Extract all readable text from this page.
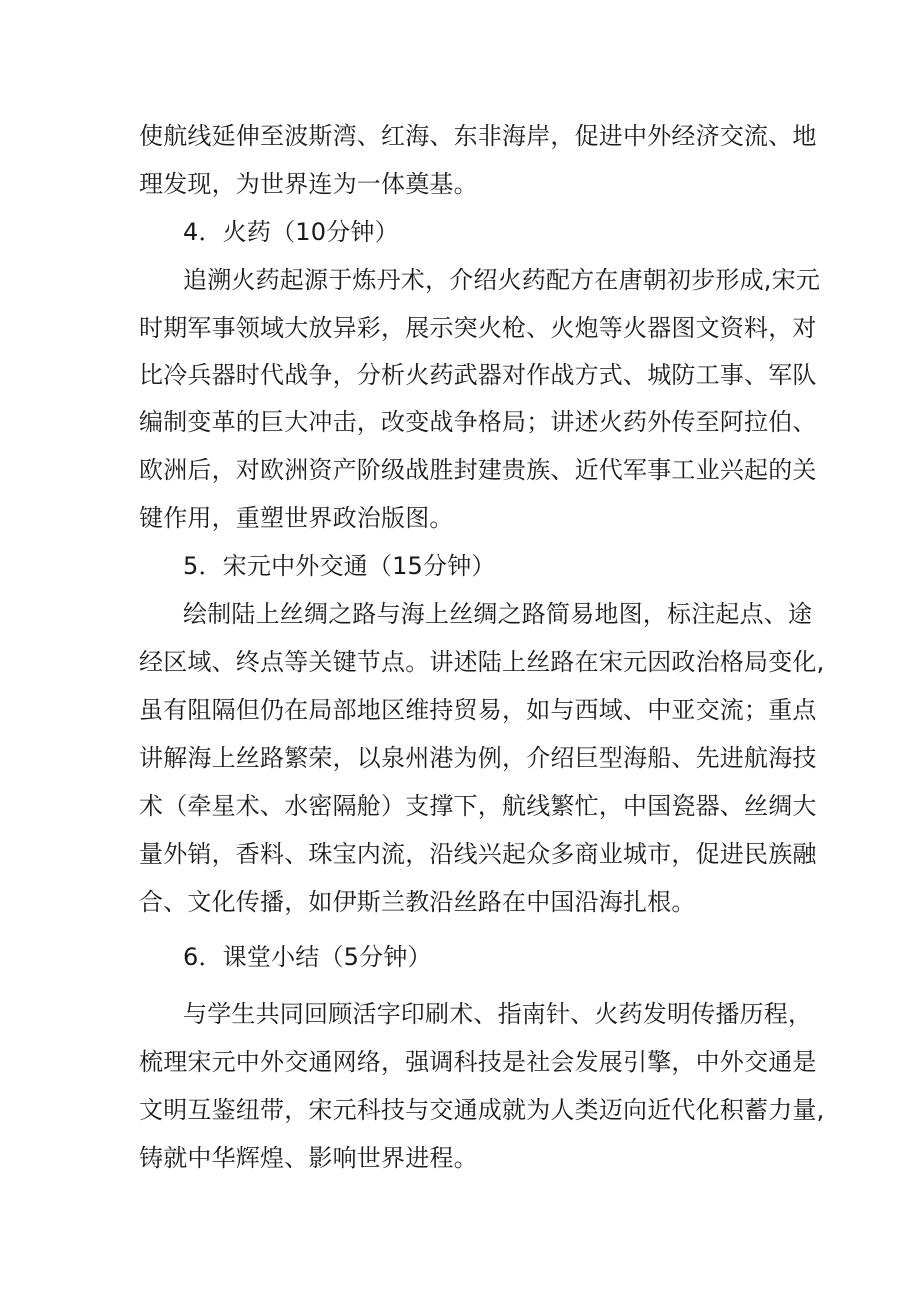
使航线延伸至波斯湾、红海、东非海岸，促进中外经济交流、地
理发现，为世界连为一体奠基。
4．火药（10分钟）
追溯火药起源于炼丹术，介绍火药配方在唐朝初步形成,宋元
时期军事领域大放异彩，展示突火枪、火炮等火器图文资料，对
比冷兵器时代战争，分析火药武器对作战方式、城防工事、军队
编制变革的巨大冲击，改变战争格局；讲述火药外传至阿拉伯、
欧洲后，对欧洲资产阶级战胜封建贵族、近代军事工业兴起的关
键作用，重塑世界政治版图。
5．宋元中外交通（15分钟）
绘制陆上丝绸之路与海上丝绸之路简易地图，标注起点、途
经区域、终点等关键节点。讲述陆上丝路在宋元因政治格局变化,
虽有阻隔但仍在局部地区维持贸易，如与西域、中亚交流；重点
讲解海上丝路繁荣，以泉州港为例，介绍巨型海船、先进航海技
术（牵星术、水密隔舱）支撑下，航线繁忙，中国瓷器、丝绸大
量外销，香料、珠宝内流，沿线兴起众多商业城市，促进民族融
合、文化传播，如伊斯兰教沿丝路在中国沿海扎根。
6．课堂小结（5分钟）
与学生共同回顾活字印刷术、指南针、火药发明传播历程，
梳理宋元中外交通网络，强调科技是社会发展引擎，中外交通是
文明互鉴纽带，宋元科技与交通成就为人类迈向近代化积蓄力量,
铸就中华辉煌、影响世界进程。
